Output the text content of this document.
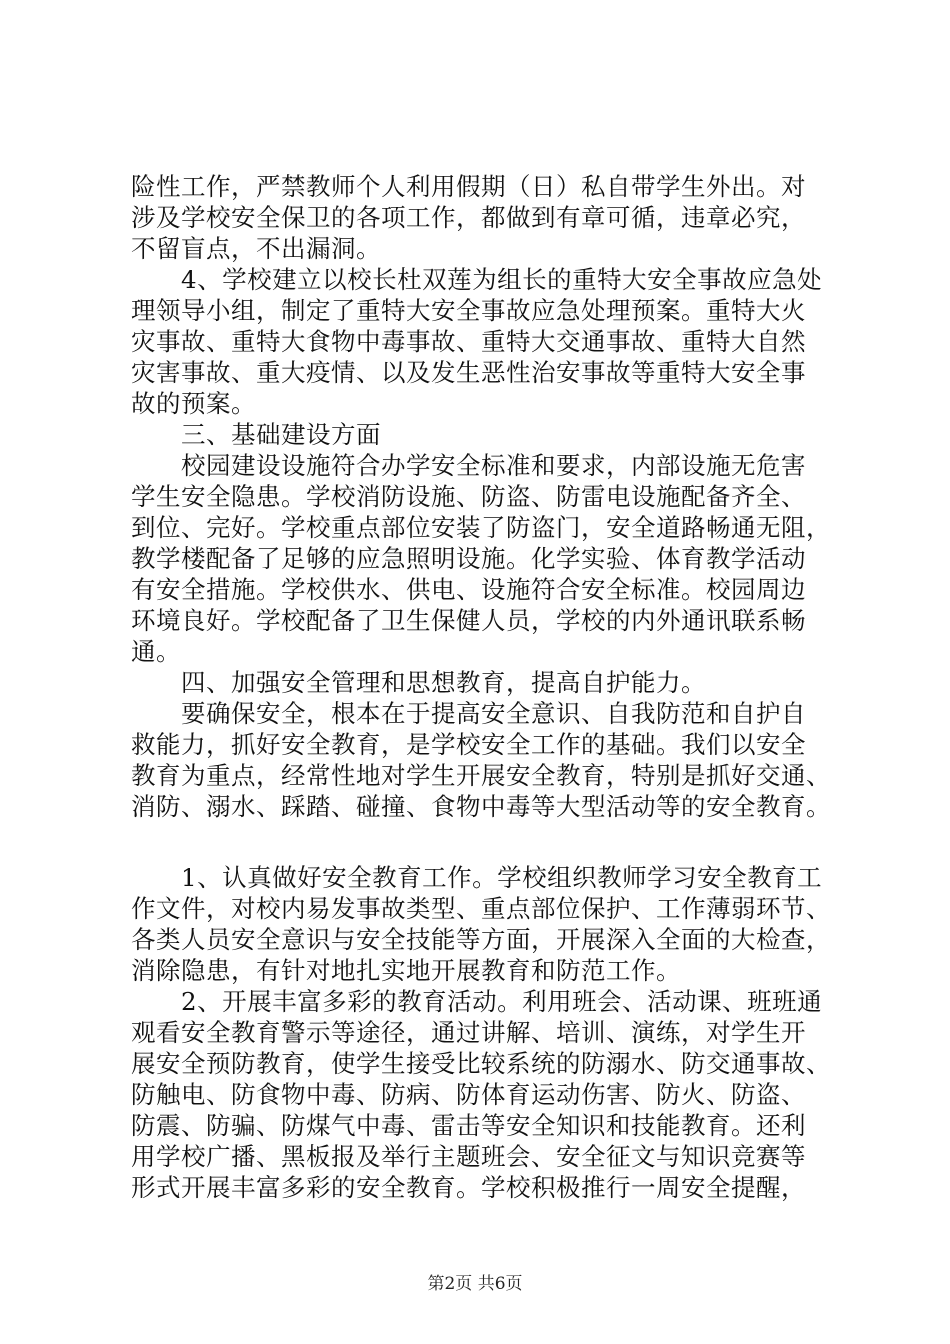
险性工作，严禁教师个人利用假期（日）私自带学生外出。对
涉及学校安全保卫的各项工作，都做到有章可循，违章必究，
不留盲点，不出漏洞。
　　4、学校建立以校长杜双莲为组长的重特大安全事故应急处
理领导小组，制定了重特大安全事故应急处理预案。重特大火
灾事故、重特大食物中毒事故、重特大交通事故、重特大自然
灾害事故、重大疫情、以及发生恶性治安事故等重特大安全事
故的预案。
　　三、基础建设方面
　　校园建设设施符合办学安全标准和要求，内部设施无危害
学生安全隐患。学校消防设施、防盗、防雷电设施配备齐全、
到位、完好。学校重点部位安装了防盗门，安全道路畅通无阻，
教学楼配备了足够的应急照明设施。化学实验、体育教学活动
有安全措施。学校供水、供电、设施符合安全标准。校园周边
环境良好。学校配备了卫生保健人员，学校的内外通讯联系畅
通。
　　四、加强安全管理和思想教育，提高自护能力。
　　要确保安全，根本在于提高安全意识、自我防范和自护自
救能力，抓好安全教育，是学校安全工作的基础。我们以安全
教育为重点，经常性地对学生开展安全教育，特别是抓好交通、
消防、溺水、踩踏、碰撞、食物中毒等大型活动等的安全教育。
　　1、认真做好安全教育工作。学校组织教师学习安全教育工
作文件，对校内易发事故类型、重点部位保护、工作薄弱环节、
各类人员安全意识与安全技能等方面，开展深入全面的大检查，
消除隐患，有针对地扎实地开展教育和防范工作。
　　2、开展丰富多彩的教育活动。利用班会、活动课、班班通
观看安全教育警示等途径，通过讲解、培训、演练，对学生开
展安全预防教育，使学生接受比较系统的防溺水、防交通事故、
防触电、防食物中毒、防病、防体育运动伤害、防火、防盗、
防震、防骗、防煤气中毒、雷击等安全知识和技能教育。还利
用学校广播、黑板报及举行主题班会、安全征文与知识竞赛等
形式开展丰富多彩的安全教育。学校积极推行一周安全提醒，
第2页 共6页
